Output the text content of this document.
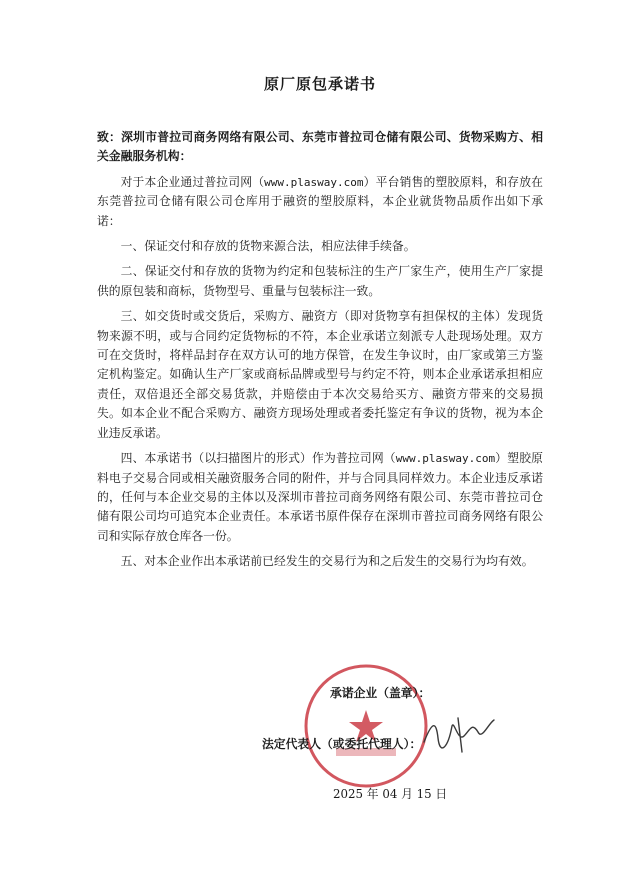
原厂原包承诺书

致：深圳市普拉司商务网络有限公司、东莞市普拉司仓储有限公司、货物采购方、相关金融服务机构：

对于本企业通过普拉司网（www.plasway.com）平台销售的塑胶原料，和存放在东莞普拉司仓储有限公司仓库用于融资的塑胶原料，本企业就货物品质作出如下承诺：

一、保证交付和存放的货物来源合法，相应法律手续备。

二、保证交付和存放的货物为约定和包装标注的生产厂家生产，使用生产厂家提供的原包装和商标，货物型号、重量与包装标注一致。

三、如交货时或交货后，采购方、融资方（即对货物享有担保权的主体）发现货物来源不明，或与合同约定货物标的不符，本企业承诺立刻派专人赴现场处理。双方可在交货时，将样品封存在双方认可的地方保管，在发生争议时，由厂家或第三方鉴定机构鉴定。如确认生产厂家或商标品牌或型号与约定不符，则本企业承诺承担相应责任，双倍退还全部交易货款，并赔偿由于本次交易给买方、融资方带来的交易损失。如本企业不配合采购方、融资方现场处理或者委托鉴定有争议的货物，视为本企业违反承诺。

四、本承诺书（以扫描图片的形式）作为普拉司网（www.plasway.com）塑胶原料电子交易合同或相关融资服务合同的附件，并与合同具同样效力。本企业违反承诺的，任何与本企业交易的主体以及深圳市普拉司商务网络有限公司、东莞市普拉司仓储有限公司均可追究本企业责任。本承诺书原件保存在深圳市普拉司商务网络有限公司和实际存放仓库各一份。

五、对本企业作出本承诺前已经发生的交易行为和之后发生的交易行为均有效。

承诺企业（盖章）：
法定代表人（或委托代理人）：
2025 年 04 月 15 日
